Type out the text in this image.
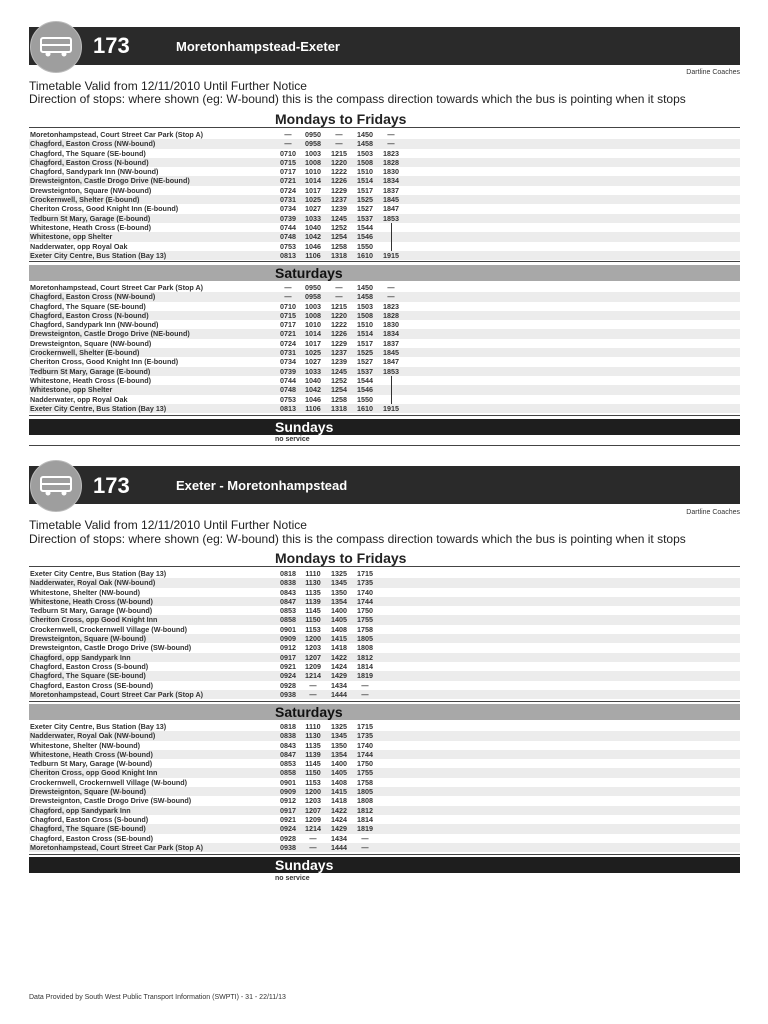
173	Moretonhampstead-Exeter
Dartline Coaches
Timetable Valid from 12/11/2010 Until Further Notice
Direction of stops: where shown (eg: W-bound) this is the compass direction towards which the bus is pointing when it stops
Mondays to Fridays
Moretonhampstead, Court Street Car Park (Stop A)	—	0950	—	1450	—
Chagford, Easton Cross (NW-bound)	—	0958	—	1458	—
Chagford, The Square (SE-bound)	0710	1003	1215	1503	1823
Chagford, Easton Cross (N-bound)	0715	1008	1220	1508	1828
Chagford, Sandypark Inn (NW-bound)	0717	1010	1222	1510	1830
Drewsteignton, Castle Drogo Drive (NE-bound)	0721	1014	1226	1514	1834
Drewsteignton, Square (NW-bound)	0724	1017	1229	1517	1837
Crockernwell, Shelter (E-bound)	0731	1025	1237	1525	1845
Cheriton Cross, Good Knight Inn (E-bound)	0734	1027	1239	1527	1847
Tedburn St Mary, Garage (E-bound)	0739	1033	1245	1537	1853
Whitestone, Heath Cross (E-bound)	0744	1040	1252	1544
Whitestone, opp Shelter	0748	1042	1254	1546
Nadderwater, opp Royal Oak	0753	1046	1258	1550
Exeter City Centre, Bus Station (Bay 13)	0813	1106	1318	1610	1915
Saturdays
Moretonhampstead, Court Street Car Park (Stop A)	—	0950	—	1450	—
Chagford, Easton Cross (NW-bound)	—	0958	—	1458	—
Chagford, The Square (SE-bound)	0710	1003	1215	1503	1823
Chagford, Easton Cross (N-bound)	0715	1008	1220	1508	1828
Chagford, Sandypark Inn (NW-bound)	0717	1010	1222	1510	1830
Drewsteignton, Castle Drogo Drive (NE-bound)	0721	1014	1226	1514	1834
Drewsteignton, Square (NW-bound)	0724	1017	1229	1517	1837
Crockernwell, Shelter (E-bound)	0731	1025	1237	1525	1845
Cheriton Cross, Good Knight Inn (E-bound)	0734	1027	1239	1527	1847
Tedburn St Mary, Garage (E-bound)	0739	1033	1245	1537	1853
Whitestone, Heath Cross (E-bound)	0744	1040	1252	1544
Whitestone, opp Shelter	0748	1042	1254	1546
Nadderwater, opp Royal Oak	0753	1046	1258	1550
Exeter City Centre, Bus Station (Bay 13)	0813	1106	1318	1610	1915
Sundays
no service
173	Exeter - Moretonhampstead
Dartline Coaches
Timetable Valid from 12/11/2010 Until Further Notice
Direction of stops: where shown (eg: W-bound) this is the compass direction towards which the bus is pointing when it stops
Mondays to Fridays
Exeter City Centre, Bus Station (Bay 13)	0818	1110	1325	1715
Nadderwater, Royal Oak (NW-bound)	0838	1130	1345	1735
Whitestone, Shelter (NW-bound)	0843	1135	1350	1740
Whitestone, Heath Cross (W-bound)	0847	1139	1354	1744
Tedburn St Mary, Garage (W-bound)	0853	1145	1400	1750
Cheriton Cross, opp Good Knight Inn	0858	1150	1405	1755
Crockernwell, Crockernwell Village (W-bound)	0901	1153	1408	1758
Drewsteignton, Square (W-bound)	0909	1200	1415	1805
Drewsteignton, Castle Drogo Drive (SW-bound)	0912	1203	1418	1808
Chagford, opp Sandypark Inn	0917	1207	1422	1812
Chagford, Easton Cross (S-bound)	0921	1209	1424	1814
Chagford, The Square (SE-bound)	0924	1214	1429	1819
Chagford, Easton Cross (SE-bound)	0928	—	1434	—
Moretonhampstead, Court Street Car Park (Stop A)	0938	—	1444	—
Saturdays
Exeter City Centre, Bus Station (Bay 13)	0818	1110	1325	1715
Nadderwater, Royal Oak (NW-bound)	0838	1130	1345	1735
Whitestone, Shelter (NW-bound)	0843	1135	1350	1740
Whitestone, Heath Cross (W-bound)	0847	1139	1354	1744
Tedburn St Mary, Garage (W-bound)	0853	1145	1400	1750
Cheriton Cross, opp Good Knight Inn	0858	1150	1405	1755
Crockernwell, Crockernwell Village (W-bound)	0901	1153	1408	1758
Drewsteignton, Square (W-bound)	0909	1200	1415	1805
Drewsteignton, Castle Drogo Drive (SW-bound)	0912	1203	1418	1808
Chagford, opp Sandypark Inn	0917	1207	1422	1812
Chagford, Easton Cross (S-bound)	0921	1209	1424	1814
Chagford, The Square (SE-bound)	0924	1214	1429	1819
Chagford, Easton Cross (SE-bound)	0928	—	1434	—
Moretonhampstead, Court Street Car Park (Stop A)	0938	—	1444	—
Sundays
no service
Data Provided by South West Public Transport Information (SWPTI) - 31 - 22/11/13
